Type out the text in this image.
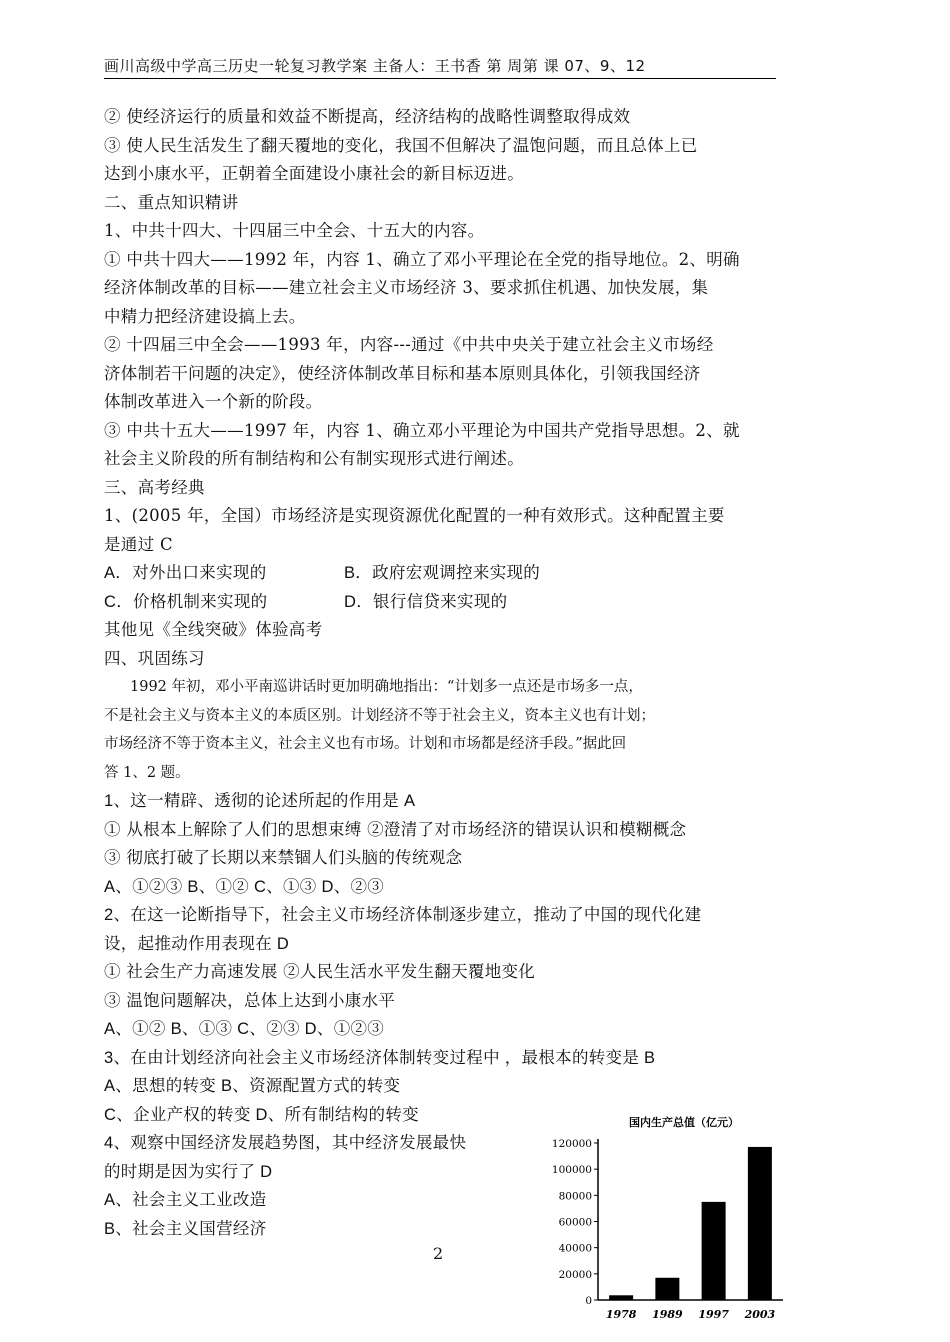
画川高级中学高三历史一轮复习教学案 主备人：王书香 第 周第 课 07、9、12
② 使经济运行的质量和效益不断提高，经济结构的战略性调整取得成效
③ 使人民生活发生了翻天覆地的变化，我国不但解决了温饱问题，而且总体上已
达到小康水平，正朝着全面建设小康社会的新目标迈进。
二、重点知识精讲
1、中共十四大、十四届三中全会、十五大的内容。
① 中共十四大——1992 年，内容 1、确立了邓小平理论在全党的指导地位。2、明确
经济体制改革的目标——建立社会主义市场经济 3、要求抓住机遇、加快发展，集
中精力把经济建设搞上去。
② 十四届三中全会——1993 年，内容---通过《中共中央关于建立社会主义市场经
济体制若干问题的决定》，使经济体制改革目标和基本原则具体化，引领我国经济
体制改革进入一个新的阶段。
③ 中共十五大——1997 年，内容 1、确立邓小平理论为中国共产党指导思想。2、就
社会主义阶段的所有制结构和公有制实现形式进行阐述。
三、高考经典
1、(2005 年，全国）市场经济是实现资源优化配置的一种有效形式。这种配置主要
是通过 C
A．对外出口来实现的	B．政府宏观调控来实现的
C．价格机制来实现的	D．银行信贷来实现的
其他见《全线突破》体验高考
四、巩固练习
1992 年初，邓小平南巡讲话时更加明确地指出：“计划多一点还是市场多一点，
不是社会主义与资本主义的本质区别。计划经济不等于社会主义，资本主义也有计划；
市场经济不等于资本主义，社会主义也有市场。计划和市场都是经济手段。”据此回
答 1、2 题。
1、这一精辟、透彻的论述所起的作用是 A
① 从根本上解除了人们的思想束缚 ②澄清了对市场经济的错误认识和模糊概念
③ 彻底打破了长期以来禁锢人们头脑的传统观念
A、①②③ B、①② C、①③ D、②③
2、在这一论断指导下，社会主义市场经济体制逐步建立，推动了中国的现代化建
设，起推动作用表现在 D
① 社会生产力高速发展 ②人民生活水平发生翻天覆地变化
③ 温饱问题解决，总体上达到小康水平
A、①② B、①③ C、②③ D、①②③
3、在由计划经济向社会主义市场经济体制转变过程中 ，最根本的转变是 B
A、思想的转变 B、资源配置方式的转变
C、企业产权的转变 D、所有制结构的转变
4、观察中国经济发展趋势图，其中经济发展最快
的时期是因为实行了 D
A、社会主义工业改造
B、社会主义国营经济
2
国内生产总值（亿元）
0
20000
40000
60000
80000
100000
120000
1978 1989 1997 2003
